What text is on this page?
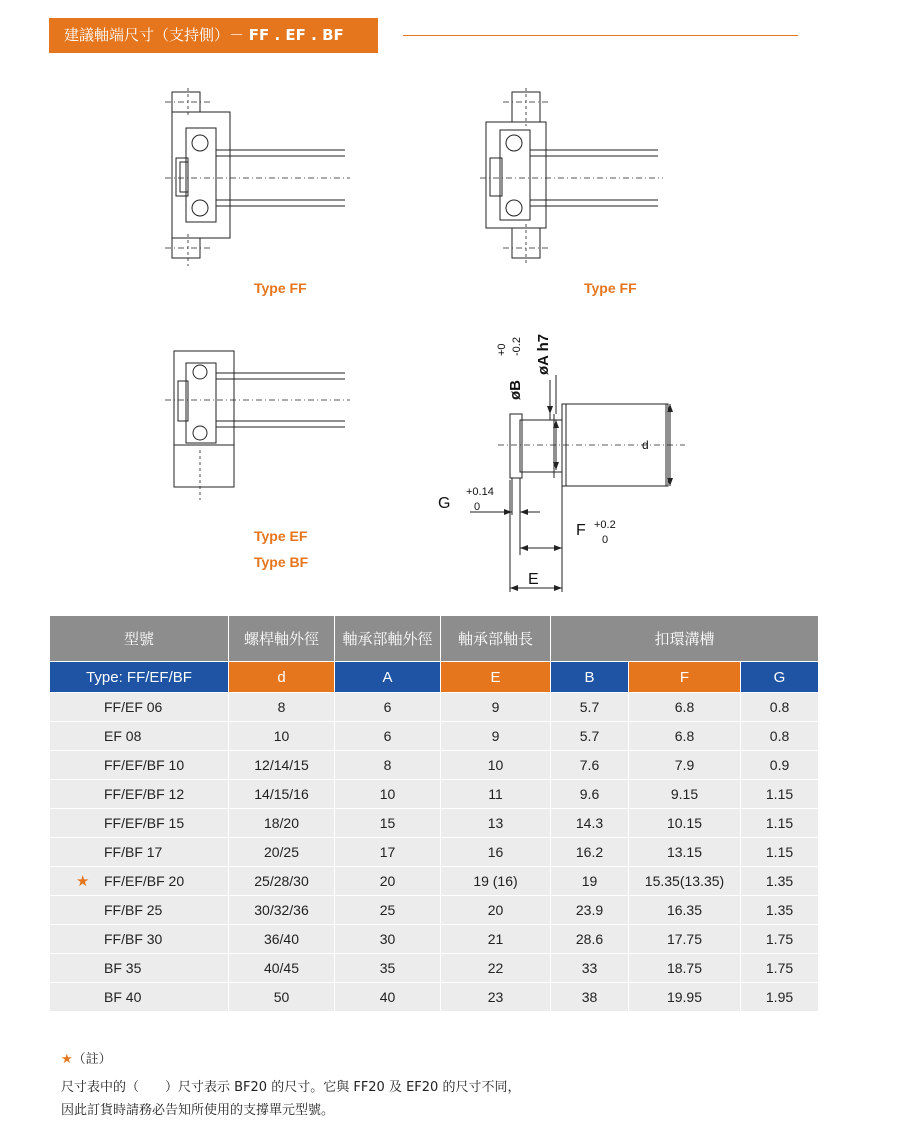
建議軸端尺寸（支持側）－ FF . EF . BF
Type FF	Type FF
Type EF
Type BF
øB
+0 -0.2 øA h7
d
G
+0.14
0
F +0.2
0
E
型號	螺桿軸外徑	軸承部軸外徑	軸承部軸長	扣環溝槽		
Type: FF/EF/BF	d	A	E	B	F	G
FF/EF 06	8	6	9	5.7	6.8	0.8
EF 08	10	6	9	5.7	6.8	0.8
FF/EF/BF 10	12/14/15	8	10	7.6	7.9	0.9
FF/EF/BF 12	14/15/16	10	11	9.6	9.15	1.15
FF/EF/BF 15	18/20	15	13	14.3	10.15	1.15
FF/BF 17	20/25	17	16	16.2	13.15	1.15

★ FF/EF/BF 20	25/28/30	20	19 (16)	19	15.35(13.35)	1.35
FF/BF 25	30/32/36	25	20	23.9	16.35	1.35
FF/BF 30	36/40	30	21	28.6	17.75	1.75
BF 35	40/45	35	22	33	18.75	1.75
BF 40	50	40	23	38	19.95	1.95
★（註）
尺寸表中的（　　）尺寸表示 BF20 的尺寸。它與 FF20 及 EF20 的尺寸不同，
因此訂貨時請務必告知所使用的支撐單元型號。
